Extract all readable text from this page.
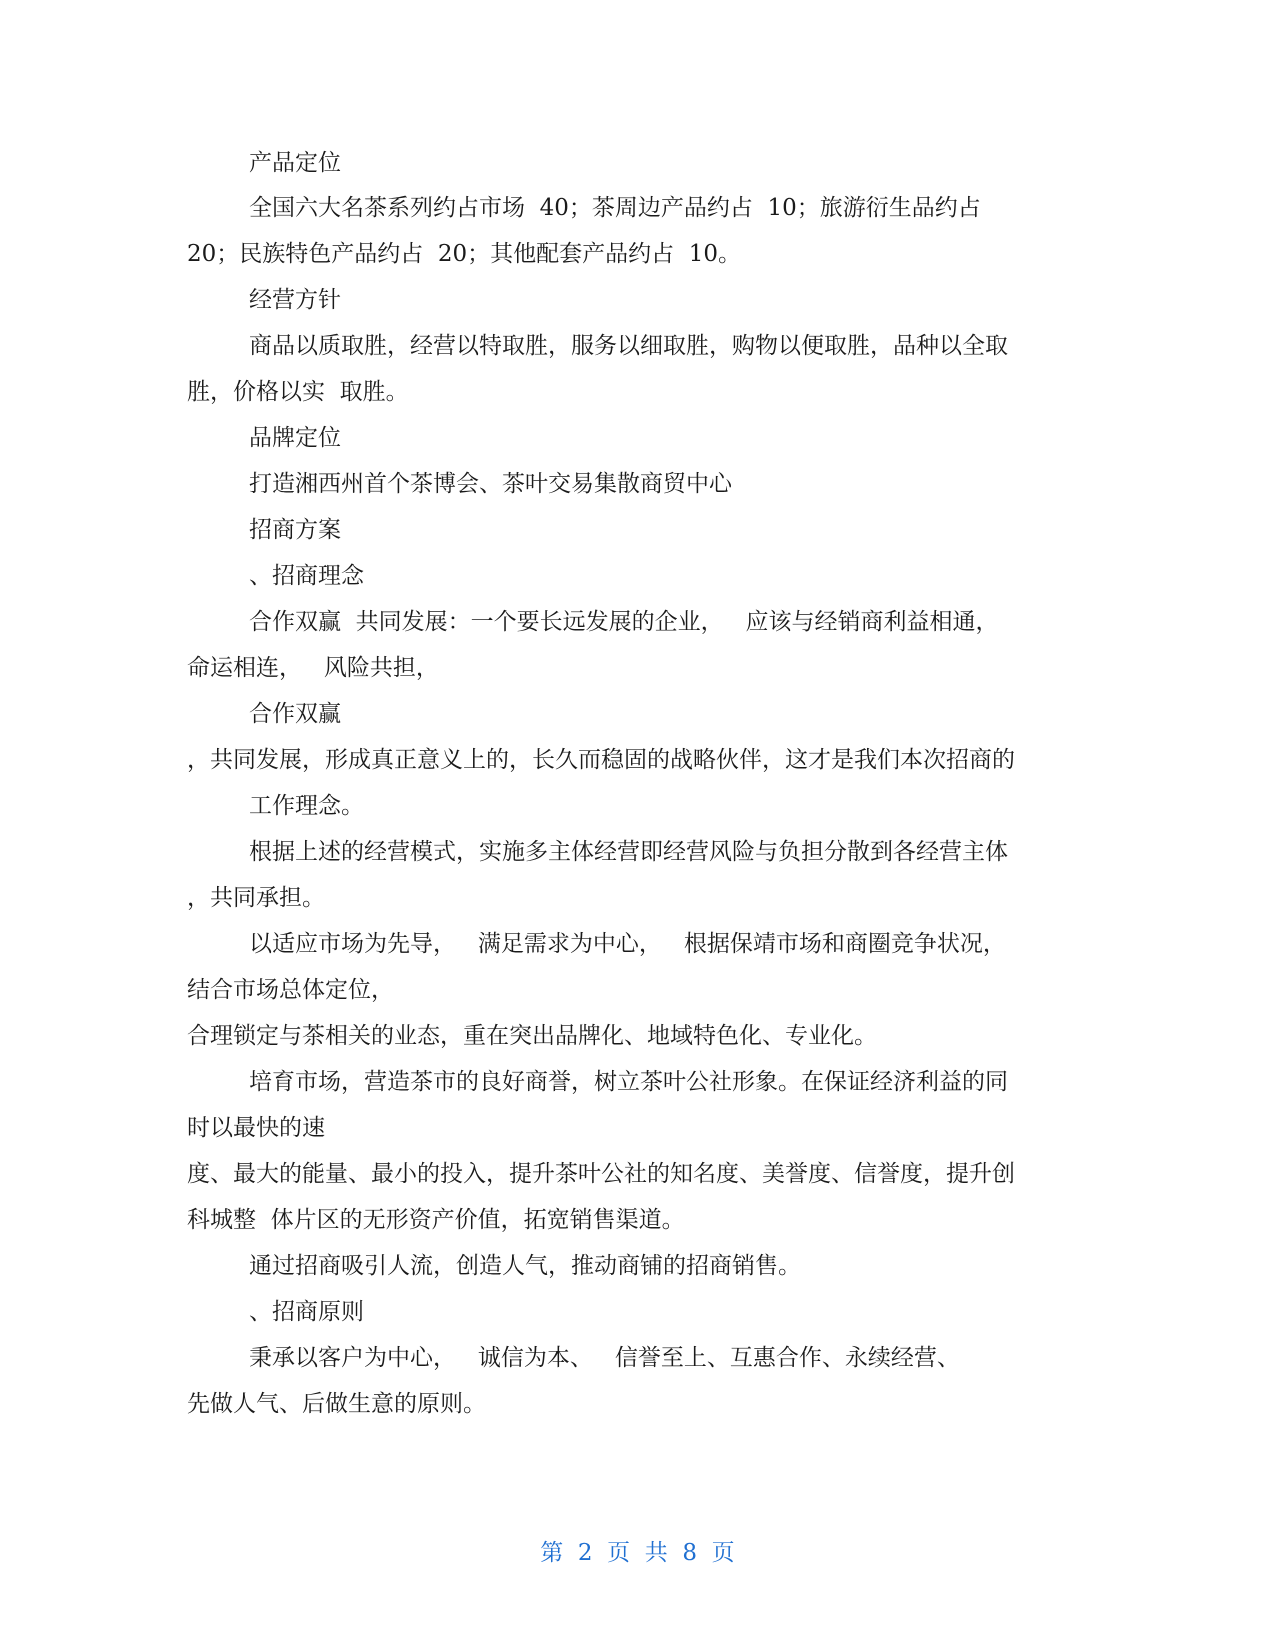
产品定位
全国六大名茶系列约占市场  40；茶周边产品约占  10；旅游衍生品约占
20；民族特色产品约占  20；其他配套产品约占  10。
经营方针
商品以质取胜，经营以特取胜，服务以细取胜，购物以便取胜，品种以全取
胜，价格以实  取胜。
品牌定位
打造湘西州首个茶博会、茶叶交易集散商贸中心
招商方案
、招商理念
合作双赢  共同发展：一个要长远发展的企业，   应该与经销商利益相通，
命运相连，   风险共担，
合作双赢
，共同发展，形成真正意义上的，长久而稳固的战略伙伴，这才是我们本次招商的
工作理念。
根据上述的经营模式，实施多主体经营即经营风险与负担分散到各经营主体
，共同承担。
以适应市场为先导，   满足需求为中心，   根据保靖市场和商圈竞争状况，
结合市场总体定位，
合理锁定与茶相关的业态，重在突出品牌化、地域特色化、专业化。
培育市场，营造茶市的良好商誉，树立茶叶公社形象。在保证经济利益的同
时以最快的速
度、最大的能量、最小的投入，提升茶叶公社的知名度、美誉度、信誉度，提升创
科城整  体片区的无形资产价值，拓宽销售渠道。
通过招商吸引人流，创造人气，推动商铺的招商销售。
、招商原则
秉承以客户为中心，   诚信为本、   信誉至上、互惠合作、永续经营、
先做人气、后做生意的原则。
第  2  页  共  8  页
